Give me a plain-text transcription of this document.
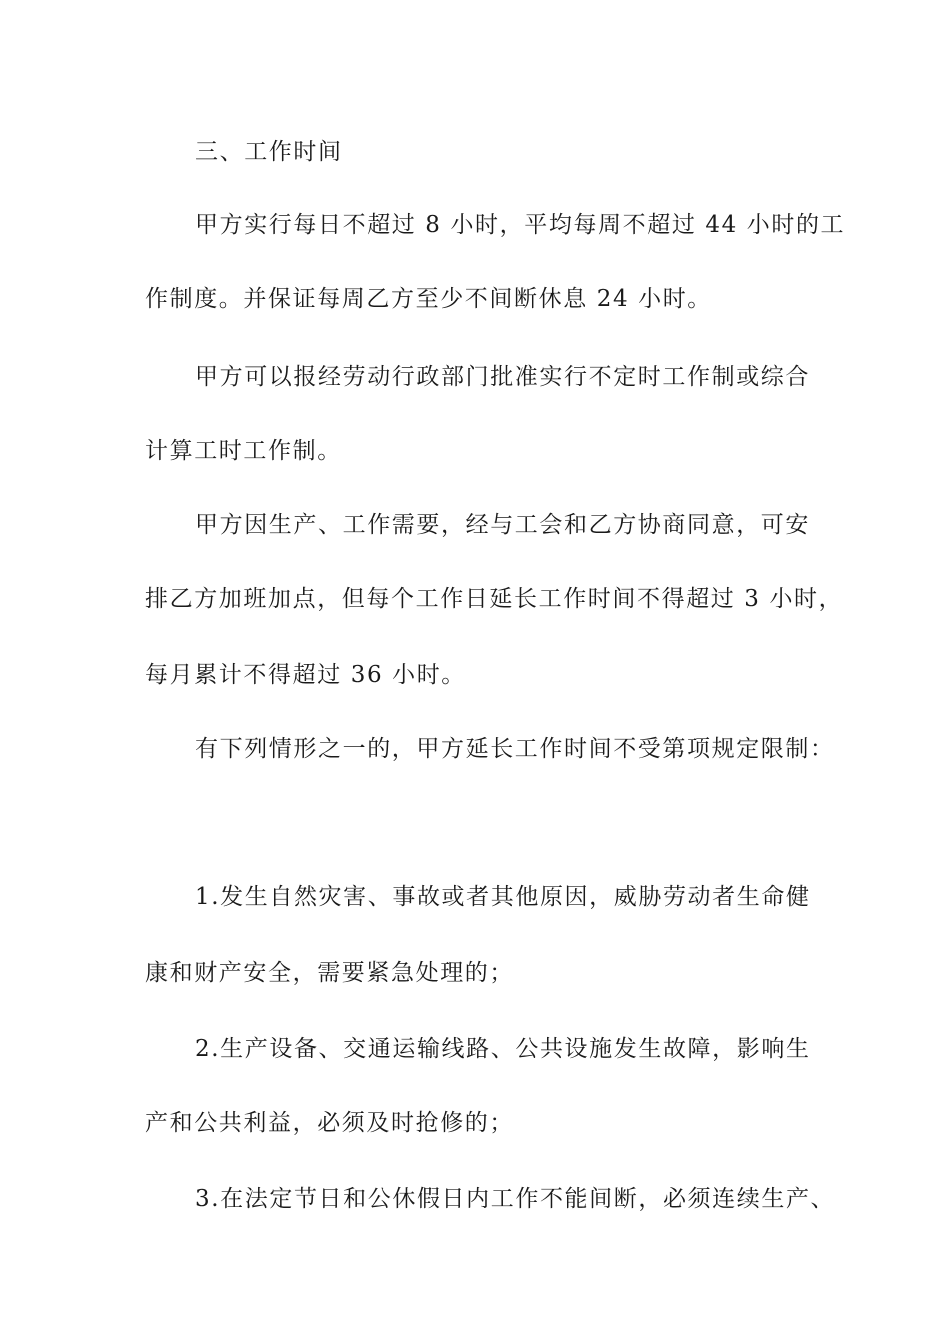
三、工作时间
甲方实行每日不超过 8 小时，平均每周不超过 44 小时的工
作制度。并保证每周乙方至少不间断休息 24 小时。
甲方可以报经劳动行政部门批准实行不定时工作制或综合
计算工时工作制。
甲方因生产、工作需要，经与工会和乙方协商同意，可安
排乙方加班加点，但每个工作日延长工作时间不得超过 3 小时，
每月累计不得超过 36 小时。
有下列情形之一的，甲方延长工作时间不受第项规定限制：
1.发生自然灾害、事故或者其他原因，威胁劳动者生命健
康和财产安全，需要紧急处理的；
2.生产设备、交通运输线路、公共设施发生故障，影响生
产和公共利益，必须及时抢修的；
3.在法定节日和公休假日内工作不能间断，必须连续生产、
